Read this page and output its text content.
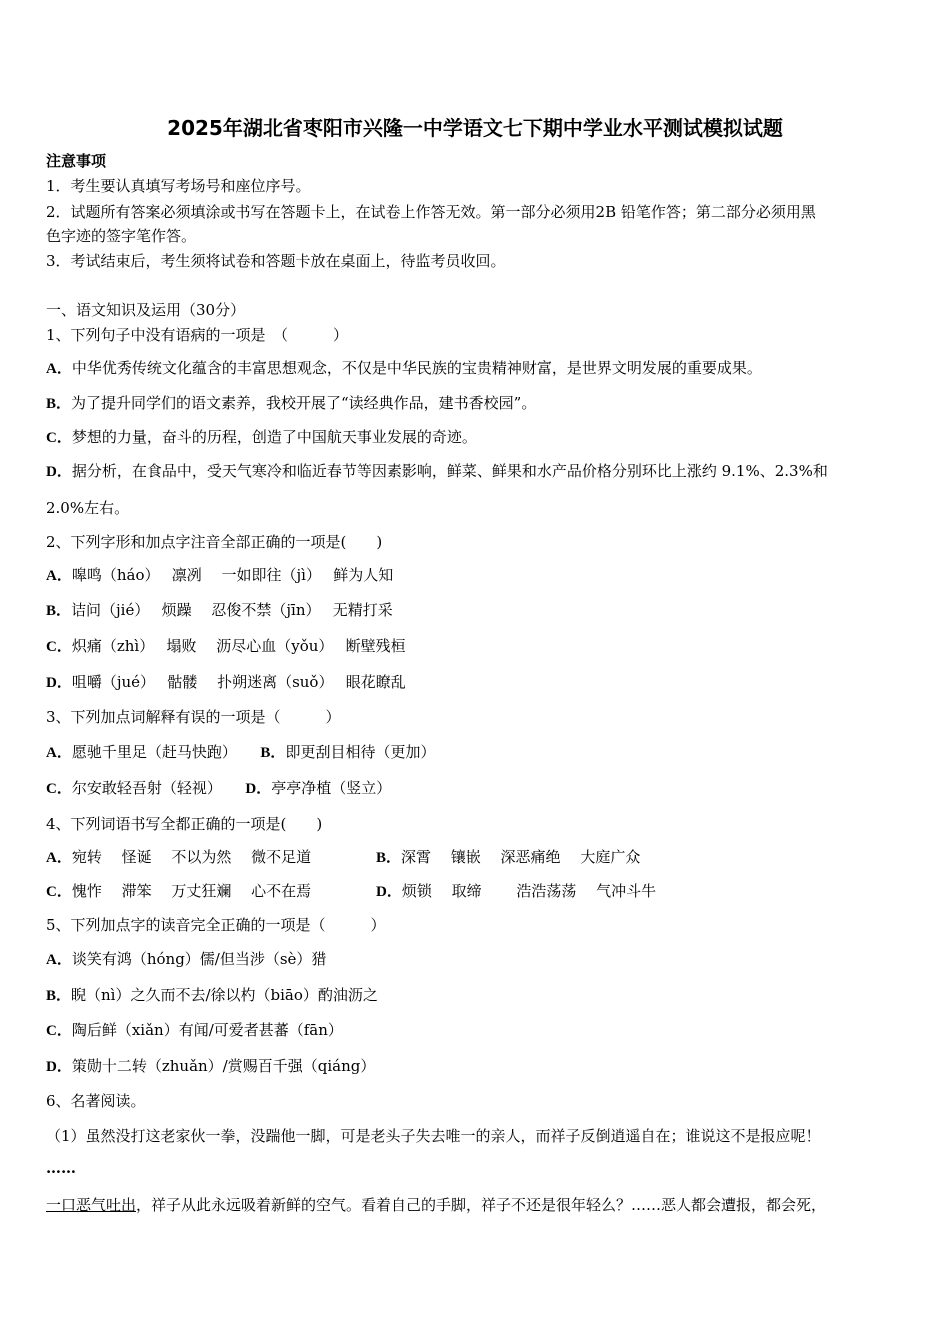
2025年湖北省枣阳市兴隆一中学语文七下期中学业水平测试模拟试题
注意事项
1．考生要认真填写考场号和座位序号。
2．试题所有答案必须填涂或书写在答题卡上，在试卷上作答无效。第一部分必须用2B 铅笔作答；第二部分必须用黑
色字迹的签字笔作答。
3．考试结束后，考生须将试卷和答题卡放在桌面上，待监考员收回。
一、语文知识及运用（30分）
1、下列句子中没有语病的一项是　（　　　）
A．中华优秀传统文化蕴含的丰富思想观念，不仅是中华民族的宝贵精神财富，是世界文明发展的重要成果。
B．为了提升同学们的语文素养，我校开展了“读经典作品，建书香校园”。
C．梦想的力量，奋斗的历程，创造了中国航天事业发展的奇迹。
D．据分析，在食品中，受天气寒冷和临近春节等因素影响，鲜菜、鲜果和水产品价格分别环比上涨约 9.1%、2.3%和
2.0%左右。
2、下列字形和加点字注音全部正确的一项是(　　)
A．嗥鸣（háo）　 凛冽　 一如即往（jì）　 鲜为人知
B．诘问（jié）　 烦躁　 忍俊不禁（jīn）　 无精打采
C．炽痛（zhì）　 塌败　 沥尽心血（yǒu）　 断壁残桓
D．咀嚼（jué）　 骷髅　 扑朔迷离（suǒ）　 眼花瞭乱
3、下列加点词解释有误的一项是（　　　）
A．愿驰千里足（赶马快跑） B．即更刮目相待（更加）
C．尔安敢轻吾射（轻视） D．亭亭净植（竖立）
4、下列词语书写全都正确的一项是(　　)
A．宛转　 怪诞　 不以为然　 微不足道	B．深霄　 镶嵌　 深恶痛绝　 大庭广众
C．愧怍　 滞笨　 万丈狂斓　 心不在焉	D．烦锁　 取缔　　 浩浩荡荡　 气冲斗牛
5、下列加点字的读音完全正确的一项是（　　　）
A．谈笑有鸿（hóng）儒/但当涉（sè）猎
B．睨（nì）之久而不去/徐以杓（biāo）酌油沥之
C．陶后鲜（xiǎn）有闻/可爱者甚蕃（fān）
D．策勋十二转（zhuǎn）/赏赐百千强（qiáng）
6、名著阅读。
（1）虽然没打这老家伙一拳，没踹他一脚，可是老头子失去唯一的亲人，而祥子反倒逍遥自在；谁说这不是报应呢！
……
一口恶气吐出，祥子从此永远吸着新鲜的空气。看着自己的手脚，祥子不还是很年轻么？……恶人都会遭报，都会死，
